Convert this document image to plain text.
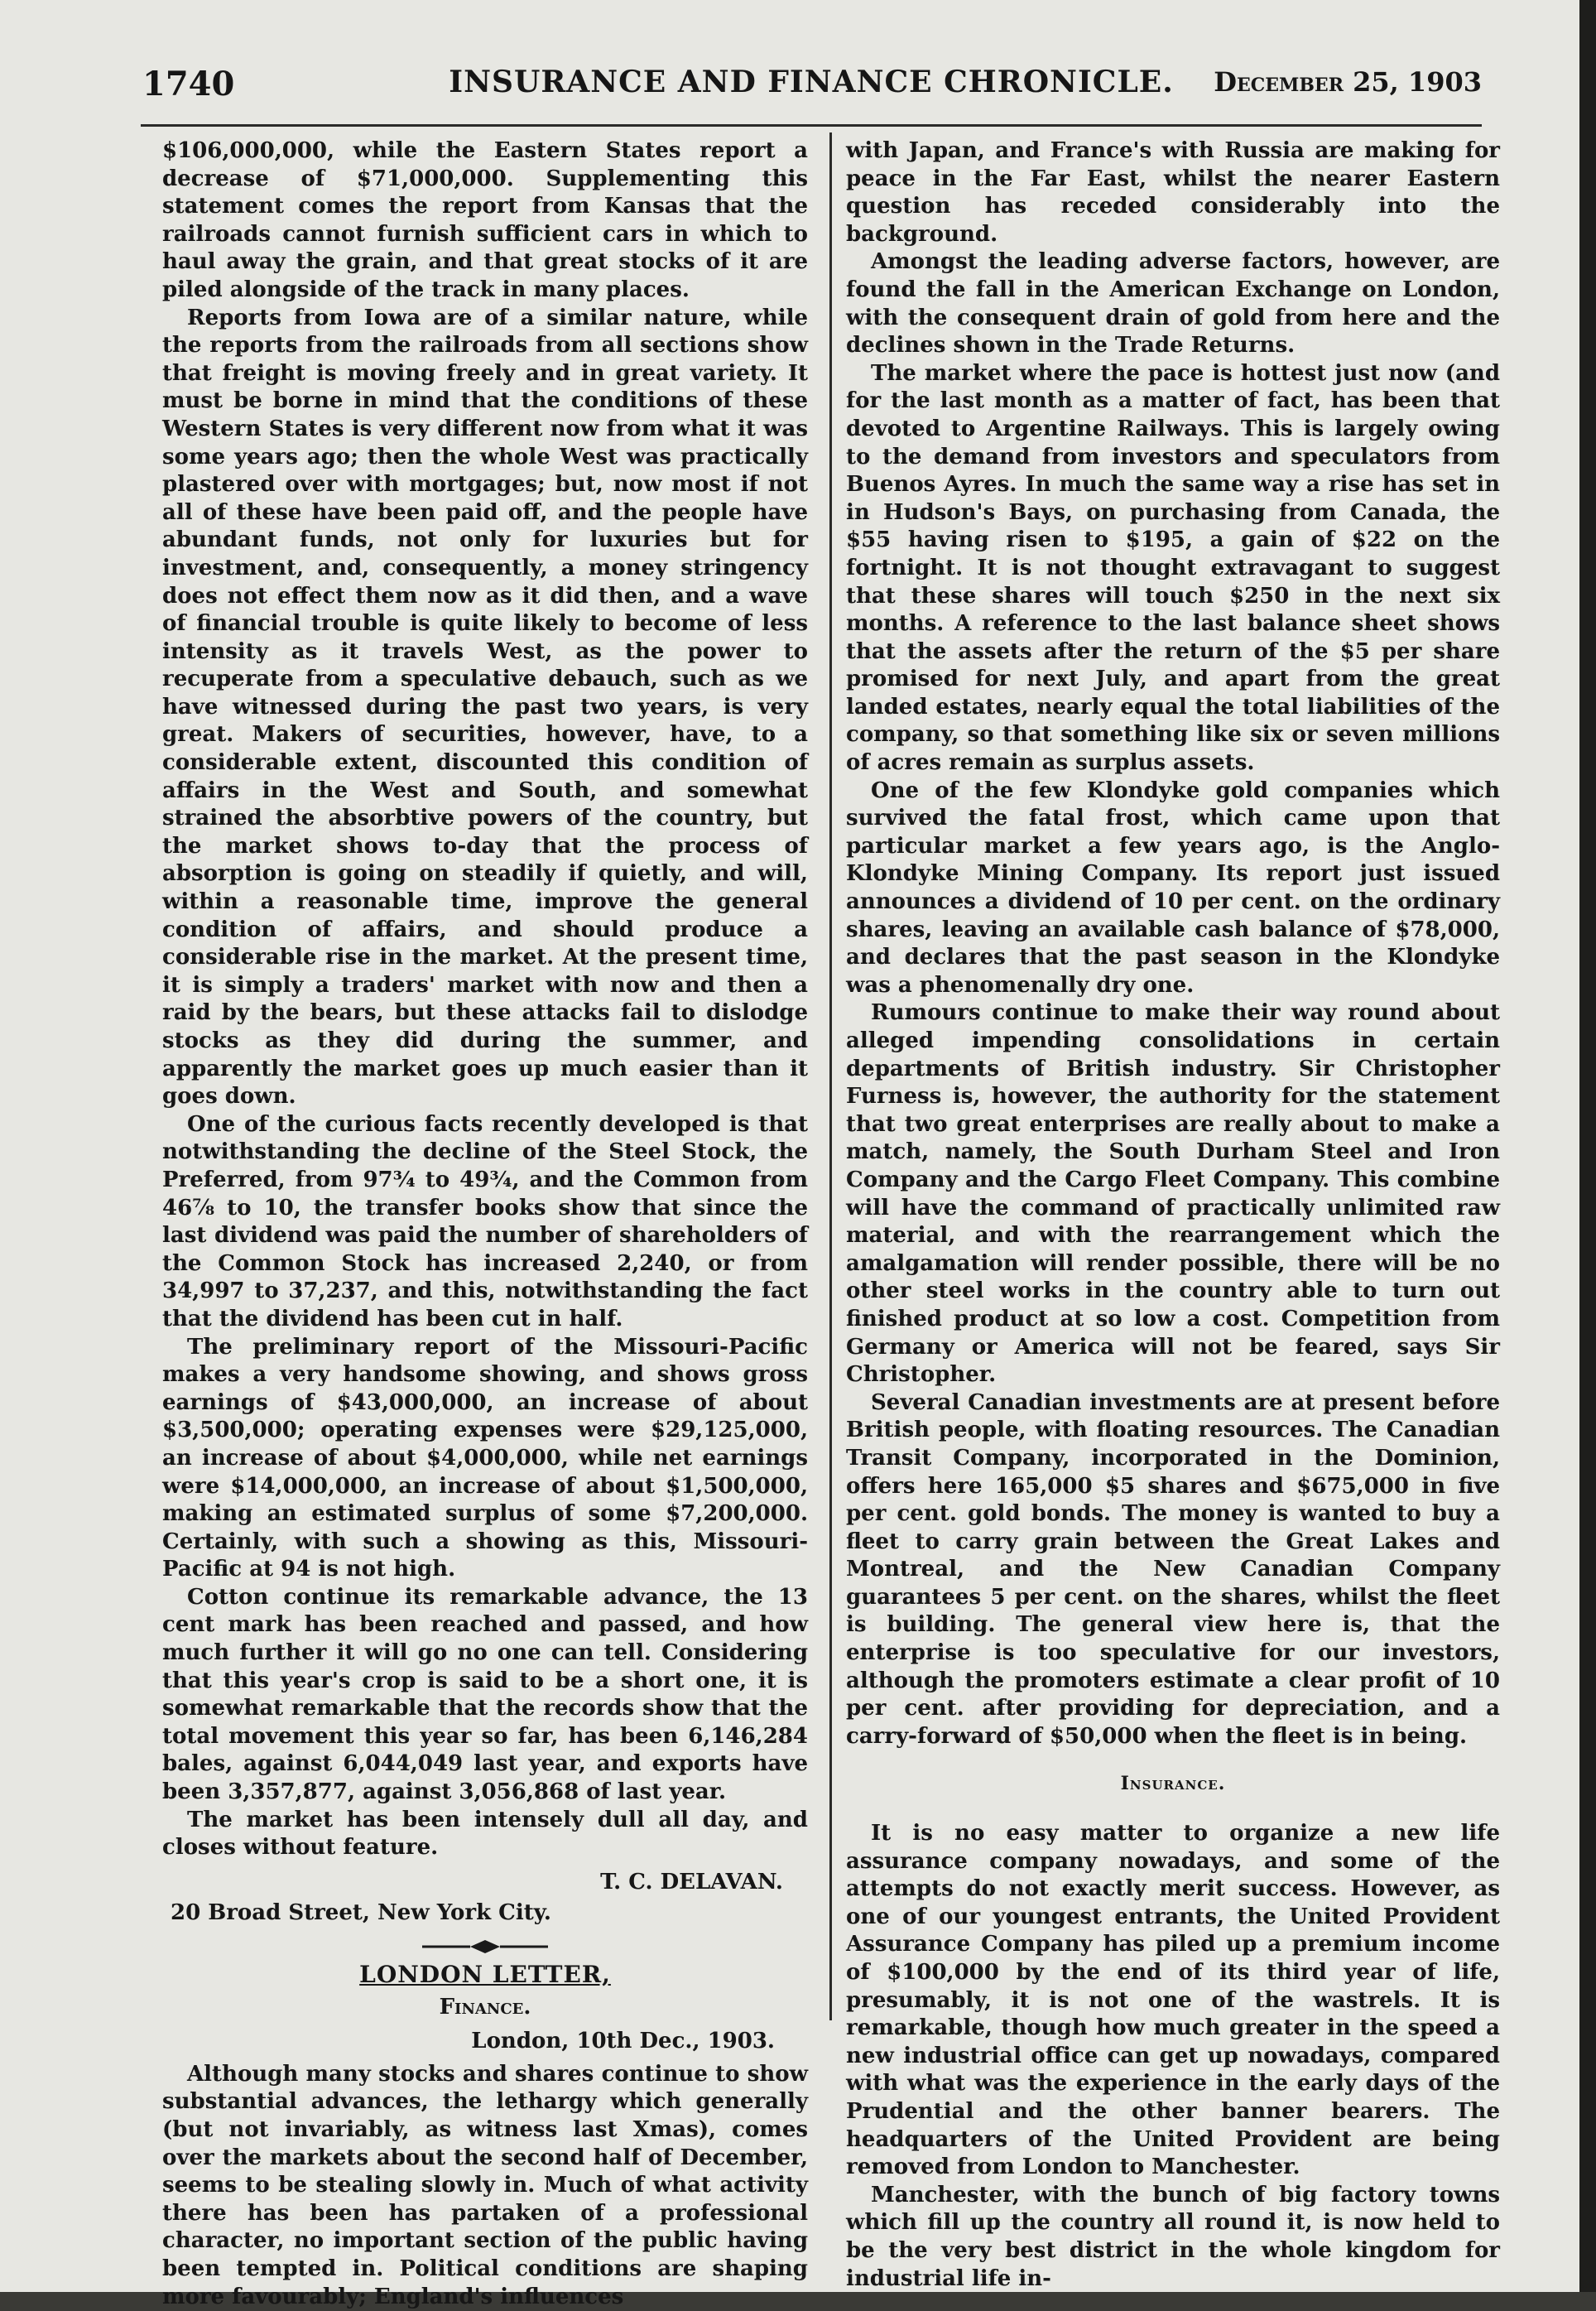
1740	INSURANCE AND FINANCE CHRONICLE.	December 25, 1903

$106,000,000, while the Eastern States report a decrease of $71,000,000. Supplementing this statement comes the report from Kansas that the railroads cannot furnish sufficient cars in which to haul away the grain, and that great stocks of it are piled alongside of the track in many places.

Reports from Iowa are of a similar nature, while the reports from the railroads from all sections show that freight is moving freely and in great variety. It must be borne in mind that the conditions of these Western States is very different now from what it was some years ago; then the whole West was practically plastered over with mortgages; but, now most if not all of these have been paid off, and the people have abundant funds, not only for luxuries but for investment, and, consequently, a money stringency does not effect them now as it did then, and a wave of financial trouble is quite likely to become of less intensity as it travels West, as the power to recuperate from a speculative debauch, such as we have witnessed during the past two years, is very great. Makers of securities, however, have, to a considerable extent, discounted this condition of affairs in the West and South, and somewhat strained the absorbtive powers of the country, but the market shows to-day that the process of absorption is going on steadily if quietly, and will, within a reasonable time, improve the general condition of affairs, and should produce a considerable rise in the market. At the present time, it is simply a traders' market with now and then a raid by the bears, but these attacks fail to dislodge stocks as they did during the summer, and apparently the market goes up much easier than it goes down.

One of the curious facts recently developed is that notwithstanding the decline of the Steel Stock, the Preferred, from 97¾ to 49¾, and the Common from 46⅞ to 10, the transfer books show that since the last dividend was paid the number of shareholders of the Common Stock has increased 2,240, or from 34,997 to 37,237, and this, notwithstanding the fact that the dividend has been cut in half.

The preliminary report of the Missouri-Pacific makes a very handsome showing, and shows gross earnings of $43,000,000, an increase of about $3,500,000; operating expenses were $29,125,000, an increase of about $4,000,000, while net earnings were $14,000,000, an increase of about $1,500,000, making an estimated surplus of some $7,200,000. Certainly, with such a showing as this, Missouri-Pacific at 94 is not high.

Cotton continue its remarkable advance, the 13 cent mark has been reached and passed, and how much further it will go no one can tell. Considering that this year's crop is said to be a short one, it is somewhat remarkable that the records show that the total movement this year so far, has been 6,146,284 bales, against 6,044,049 last year, and exports have been 3,357,877, against 3,056,868 of last year.

The market has been intensely dull all day, and closes without feature.

T. C. DELAVAN.
20 Broad Street, New York City.
LONDON LETTER,
Finance.
London, 10th Dec., 1903.

Although many stocks and shares continue to show substantial advances, the lethargy which generally (but not invariably, as witness last Xmas), comes over the markets about the second half of December, seems to be stealing slowly in. Much of what activity there has been has partaken of a professional character, no important section of the public having been tempted in. Political conditions are shaping more favourably; England's influences

with Japan, and France's with Russia are making for peace in the Far East, whilst the nearer Eastern question has receded considerably into the background.

Amongst the leading adverse factors, however, are found the fall in the American Exchange on London, with the consequent drain of gold from here and the declines shown in the Trade Returns.

The market where the pace is hottest just now (and for the last month as a matter of fact, has been that devoted to Argentine Railways. This is largely owing to the demand from investors and speculators from Buenos Ayres. In much the same way a rise has set in in Hudson's Bays, on purchasing from Canada, the $55 having risen to $195, a gain of $22 on the fortnight. It is not thought extravagant to suggest that these shares will touch $250 in the next six months. A reference to the last balance sheet shows that the assets after the return of the $5 per share promised for next July, and apart from the great landed estates, nearly equal the total liabilities of the company, so that something like six or seven millions of acres remain as surplus assets.

One of the few Klondyke gold companies which survived the fatal frost, which came upon that particular market a few years ago, is the Anglo-Klondyke Mining Company. Its report just issued announces a dividend of 10 per cent. on the ordinary shares, leaving an available cash balance of $78,000, and declares that the past season in the Klondyke was a phenomenally dry one.

Rumours continue to make their way round about alleged impending consolidations in certain departments of British industry. Sir Christopher Furness is, however, the authority for the statement that two great enterprises are really about to make a match, namely, the South Durham Steel and Iron Company and the Cargo Fleet Company. This combine will have the command of practically unlimited raw material, and with the rearrangement which the amalgamation will render possible, there will be no other steel works in the country able to turn out finished product at so low a cost. Competition from Germany or America will not be feared, says Sir Christopher.

Several Canadian investments are at present before British people, with floating resources. The Canadian Transit Company, incorporated in the Dominion, offers here 165,000 $5 shares and $675,000 in five per cent. gold bonds. The money is wanted to buy a fleet to carry grain between the Great Lakes and Montreal, and the New Canadian Company guarantees 5 per cent. on the shares, whilst the fleet is building. The general view here is, that the enterprise is too speculative for our investors, although the promoters estimate a clear profit of 10 per cent. after providing for depreciation, and a carry-forward of $50,000 when the fleet is in being.

Insurance.

It is no easy matter to organize a new life assurance company nowadays, and some of the attempts do not exactly merit success. However, as one of our youngest entrants, the United Provident Assurance Company has piled up a premium income of $100,000 by the end of its third year of life, presumably, it is not one of the wastrels. It is remarkable, though how much greater in the speed a new industrial office can get up nowadays, compared with what was the experience in the early days of the Prudential and the other banner bearers. The headquarters of the United Provident are being removed from London to Manchester.

Manchester, with the bunch of big factory towns which fill up the country all round it, is now held to be the very best district in the whole kingdom for industrial life in-
